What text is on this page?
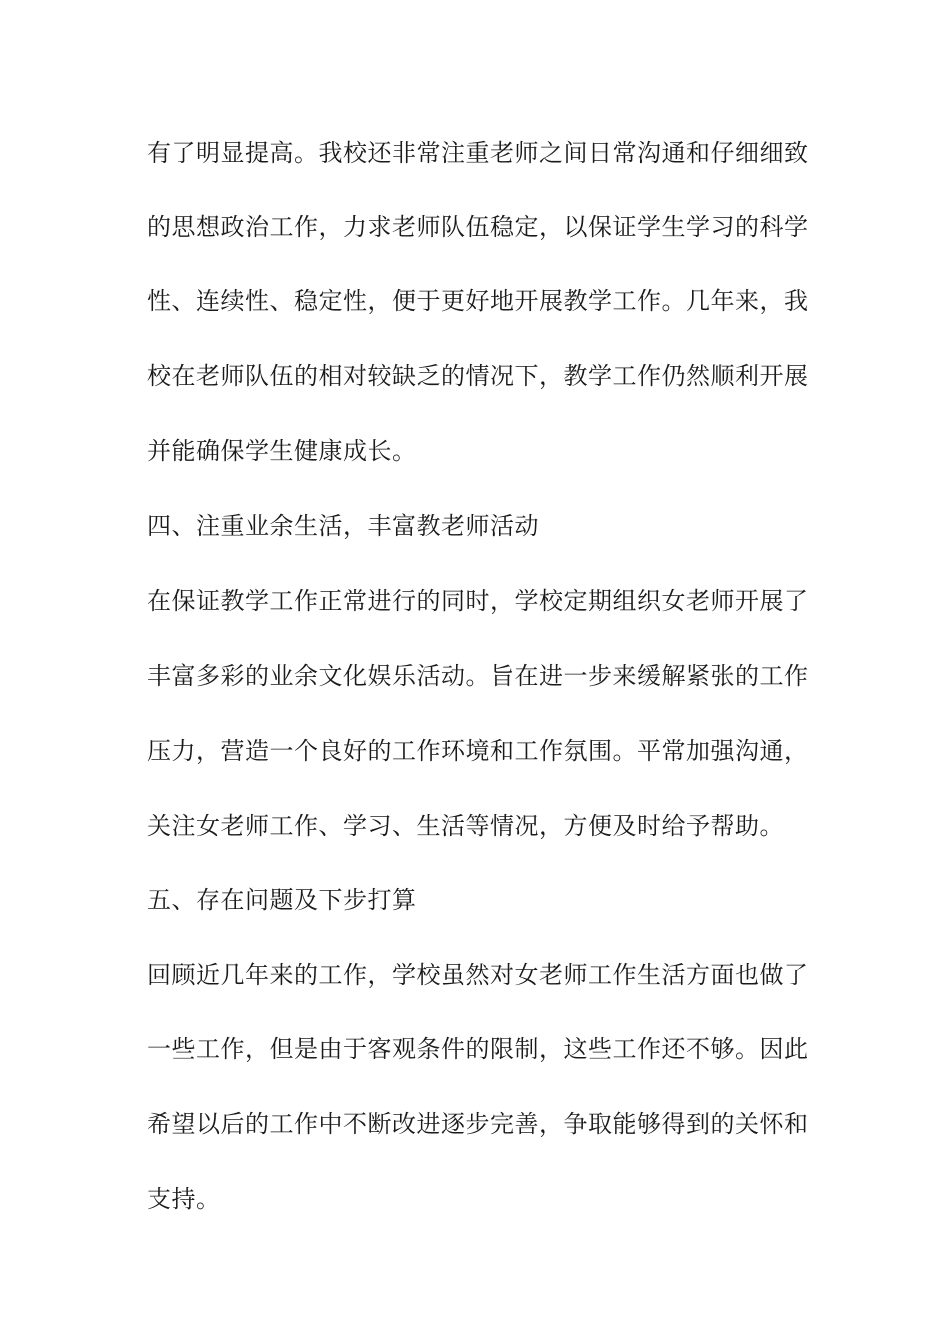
有了明显提高。我校还非常注重老师之间日常沟通和仔细细致
的思想政治工作，力求老师队伍稳定，以保证学生学习的科学
性、连续性、稳定性，便于更好地开展教学工作。几年来，我
校在老师队伍的相对较缺乏的情况下，教学工作仍然顺利开展
并能确保学生健康成长。
四、注重业余生活，丰富教老师活动
在保证教学工作正常进行的同时，学校定期组织女老师开展了
丰富多彩的业余文化娱乐活动。旨在进一步来缓解紧张的工作
压力，营造一个良好的工作环境和工作氛围。平常加强沟通，
关注女老师工作、学习、生活等情况，方便及时给予帮助。
五、存在问题及下步打算
回顾近几年来的工作，学校虽然对女老师工作生活方面也做了
一些工作，但是由于客观条件的限制，这些工作还不够。因此
希望以后的工作中不断改进逐步完善，争取能够得到的关怀和
支持。
